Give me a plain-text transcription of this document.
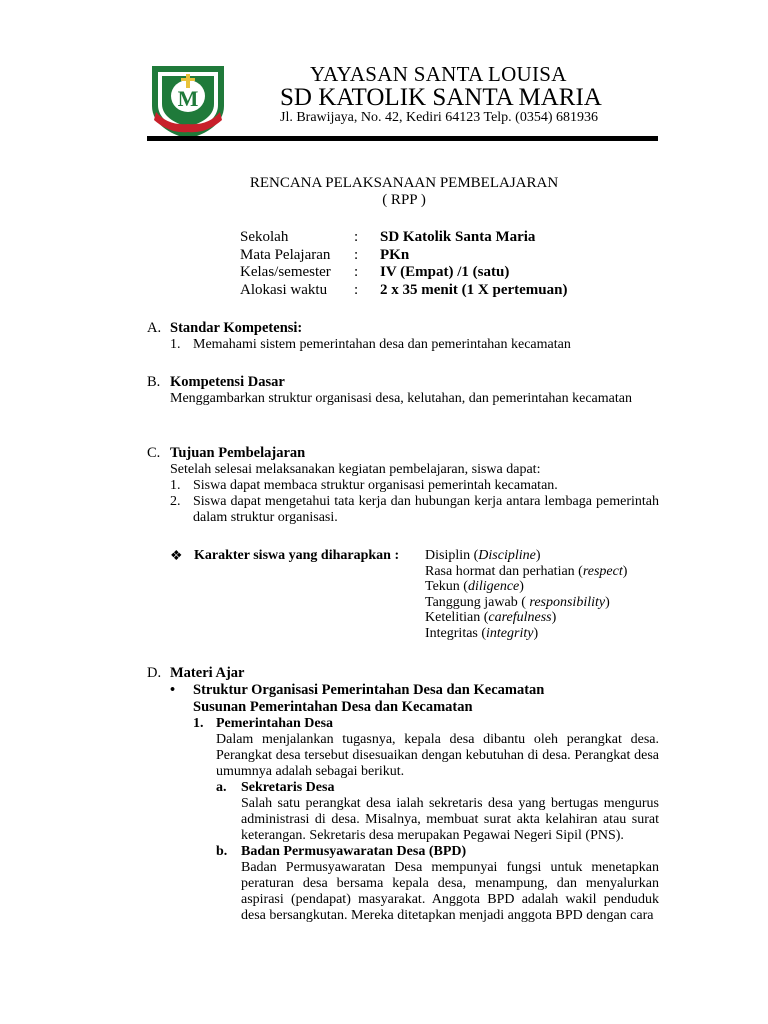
M
YAYASAN SANTA LOUISA
SD KATOLIK SANTA MARIA
Jl. Brawijaya, No. 42, Kediri 64123 Telp. (0354) 681936
RENCANA PELAKSANAAN PEMBELAJARAN
( RPP )
Sekolah	:	SD Katolik Santa Maria
Mata Pelajaran	:	PKn
Kelas/semester	:	IV (Empat) /1 (satu)
Alokasi waktu	:	2 x 35 menit (1 X pertemuan)
A. Standar Kompetensi:
1. Memahami sistem pemerintahan desa dan pemerintahan kecamatan
B. Kompetensi Dasar
Menggambarkan struktur organisasi desa, kelutahan, dan pemerintahan kecamatan
C. Tujuan Pembelajaran
Setelah selesai melaksanakan kegiatan pembelajaran, siswa dapat:
1. Siswa dapat membaca struktur organisasi pemerintah kecamatan.
2. Siswa dapat mengetahui tata kerja dan hubungan kerja antara lembaga pemerintah dalam struktur organisasi.
❖ Karakter siswa yang diharapkan : Disiplin (Discipline)
Rasa hormat dan perhatian (respect)
Tekun (diligence)
Tanggung jawab ( responsibility)
Ketelitian (carefulness)
Integritas (integrity)
D. Materi Ajar
•	Struktur Organisasi Pemerintahan Desa dan Kecamatan
Susunan Pemerintahan Desa dan Kecamatan
1. Pemerintahan Desa
Dalam menjalankan tugasnya, kepala desa dibantu oleh perangkat desa. Perangkat desa tersebut disesuaikan dengan kebutuhan di desa. Perangkat desa umumnya adalah sebagai berikut.
a.	Sekretaris Desa
Salah satu perangkat desa ialah sekretaris desa yang bertugas mengurus administrasi di desa. Misalnya, membuat surat akta kelahiran atau surat keterangan. Sekretaris desa merupakan Pegawai Negeri Sipil (PNS).
b. Badan Permusyawaratan Desa (BPD)
Badan Permusyawaratan Desa mempunyai fungsi untuk menetapkan peraturan desa bersama kepala desa, menampung, dan menyalurkan aspirasi (pendapat) masyarakat. Anggota BPD adalah wakil penduduk desa bersangkutan. Mereka ditetapkan menjadi anggota BPD dengan cara
